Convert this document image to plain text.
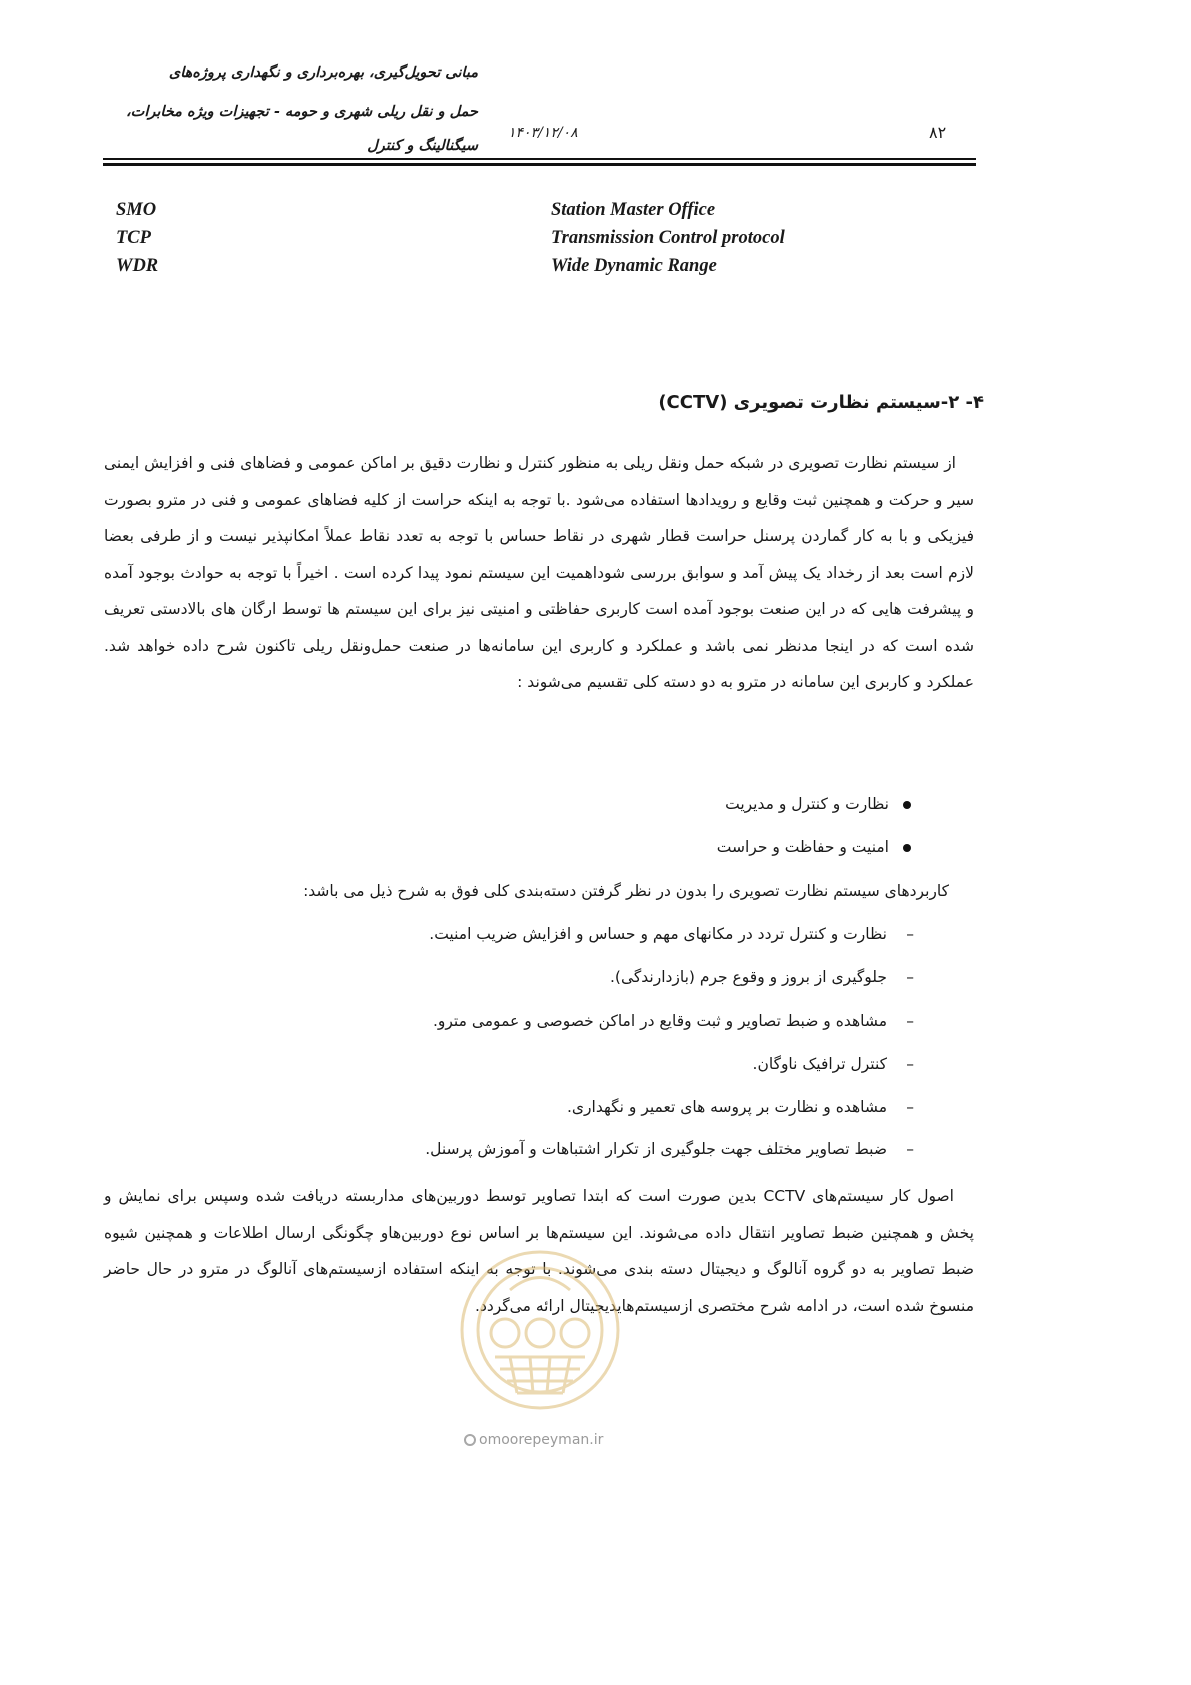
مبانی تحویل‌گیری، بهره‌برداری و نگهداری پروژه‌های
حمل و نقل ریلی شهری و حومه - تجهیزات ویژه مخابرات،
سیگنالینگ و کنترل
۱۴۰۳/۱۲/۰۸	۸۲
SMO	Station Master Office
TCP	Transmission Control protocol
WDR	Wide Dynamic Range
۴- ۲-سیستم نظارت تصویری (CCTV)

از سیستم نظارت تصویری در شبکه حمل ونقل ریلی به منظور کنترل و نظارت دقیق بر اماکن عمومی و فضاهای فنی و افزایش ایمنی سیر و حرکت و همچنین ثبت وقایع و رویدادها استفاده می‌شود .با توجه به اینکه حراست از کلیه فضاهای عمومی و فنی در مترو بصورت فیزیکی و با به کار گماردن پرسنل حراست قطار شهری در نقاط حساس با توجه به تعدد نقاط عملاً امکانپذیر نیست و از طرفی بعضا لازم است بعد از رخداد یک پیش آمد و سوابق بررسی شوداهمیت این سیستم نمود پیدا کرده است . اخیراً با توجه به حوادث بوجود آمده و پیشرفت هایی که در این صنعت بوجود آمده است کاربری حفاظتی و امنیتی نیز برای این سیستم ها توسط ارگان های بالادستی تعریف شده است که در اینجا مدنظر نمی باشد و عملکرد و کاربری این سامانه‌ها در صنعت حمل‌ونقل ریلی تاکنون شرح داده خواهد شد. عملکرد و کاربری این سامانه در مترو به دو دسته کلی تقسیم می‌شوند :

نظارت و کنترل و مدیریت
امنیت و حفاظت و حراست
کاربردهای سیستم نظارت تصویری را بدون در نظر گرفتن دسته‌بندی کلی فوق به شرح ذیل می باشد:
–نظارت و کنترل تردد در مکانهای مهم و حساس و افزایش ضریب امنیت.
–جلوگیری از بروز و وقوع جرم (بازدارندگی).
–مشاهده و ضبط تصاویر و ثبت وقایع در اماکن خصوصی و عمومی مترو.
–کنترل ترافیک ناوگان.
–مشاهده و نظارت بر پروسه های تعمیر و نگهداری.
–ضبط تصاویر مختلف جهت جلوگیری از تکرار اشتباهات و آموزش پرسنل.

اصول کار سیستم‌های CCTV بدین صورت است که ابتدا تصاویر توسط دوربین‌های مداربسته دریافت شده وسپس برای نمایش و پخش و همچنین ضبط تصاویر انتقال داده می‌شوند. این سیستم‌ها بر اساس نوع دوربین‌هاو چگونگی ارسال اطلاعات و همچنین شیوه ضبط تصاویر به دو گروه آنالوگ و دیجیتال دسته بندی می‌شوند. با توجه به اینکه استفاده ازسیستم‌های آنالوگ در مترو در حال حاضر منسوخ شده است، در ادامه شرح مختصری ازسیستم‌هایدیجیتال ارائه می‌گردد.

omoorepeyman.ir
